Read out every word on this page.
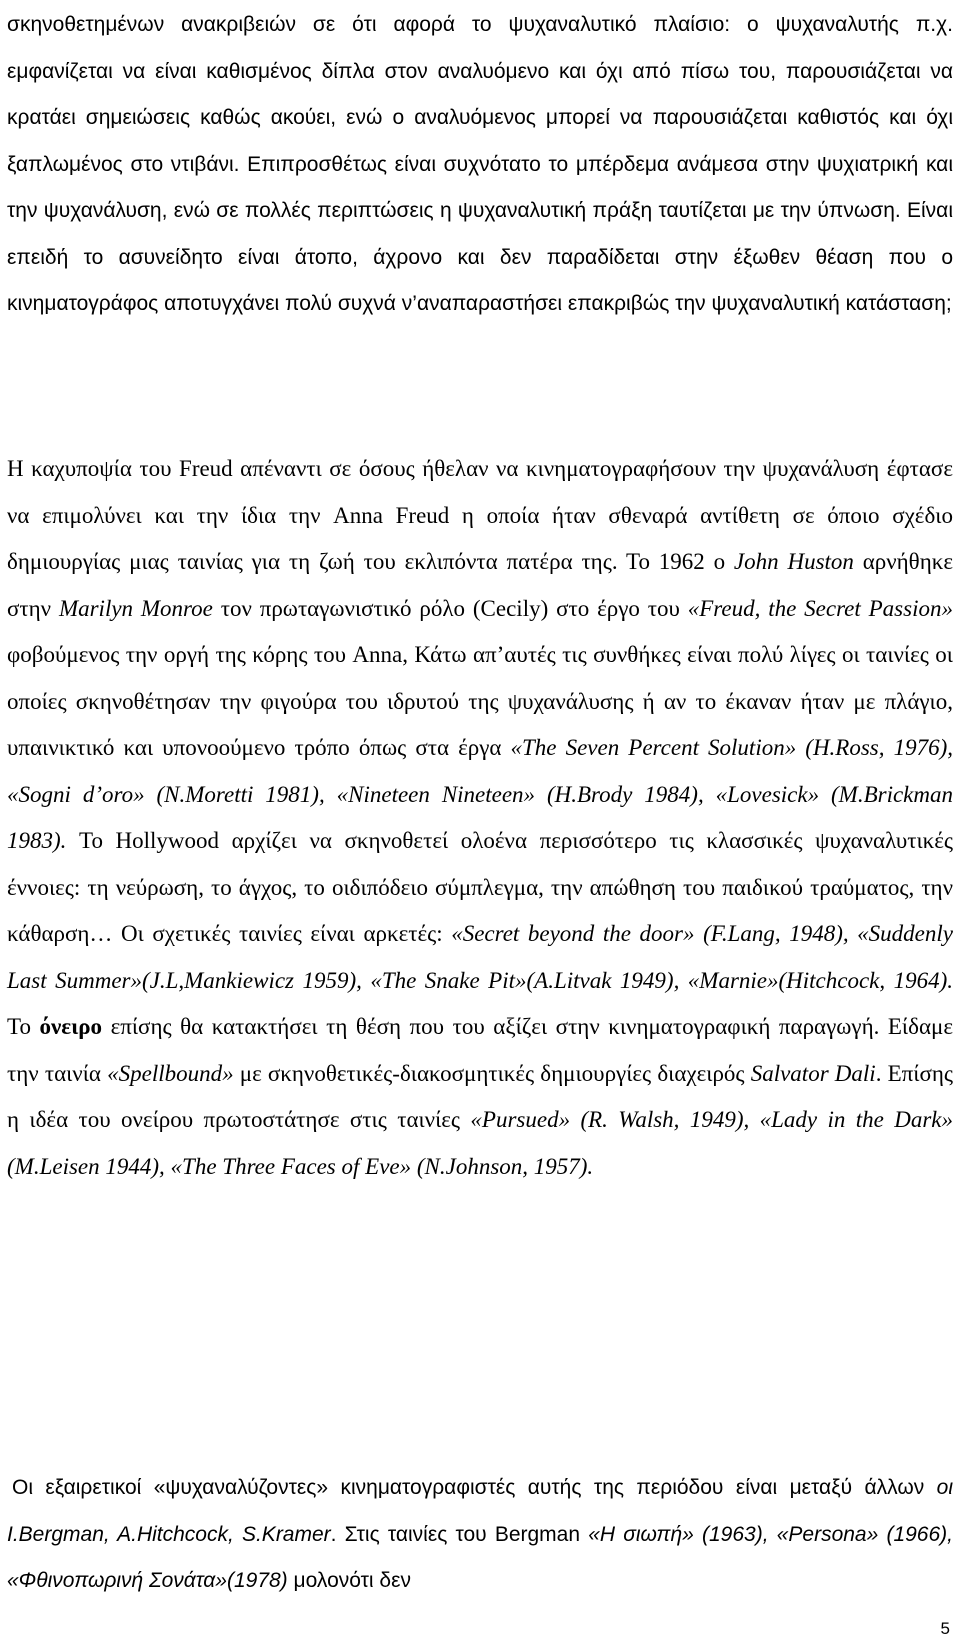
σκηνοθετημένων ανακριβειών σε ότι αφορά το ψυχαναλυτικό πλαίσιο: ο ψυχαναλυτής π.χ. εμφανίζεται να είναι καθισμένος δίπλα στον αναλυόμενο και όχι από πίσω του, παρουσιάζεται να κρατάει σημειώσεις καθώς ακούει, ενώ ο αναλυόμενος μπορεί να παρουσιάζεται καθιστός και όχι ξαπλωμένος στο ντιβάνι. Επιπροσθέτως είναι συχνότατο το μπέρδεμα ανάμεσα στην ψυχιατρική και την ψυχανάλυση, ενώ σε πολλές περιπτώσεις η ψυχαναλυτική πράξη ταυτίζεται με την ύπνωση. Είναι επειδή το ασυνείδητο είναι άτοπο, άχρονο και δεν παραδίδεται στην έξωθεν θέαση που ο κινηματογράφος αποτυγχάνει πολύ συχνά ν’αναπαραστήσει επακριβώς την ψυχαναλυτική κατάσταση;

Η καχυποψία του Freud απέναντι σε όσους ήθελαν να κινηματογραφήσουν την ψυχανάλυση έφτασε να επιμολύνει και την ίδια την Anna Freud η οποία ήταν σθεναρά αντίθετη σε όποιο σχέδιο δημιουργίας μιας ταινίας για τη ζωή του εκλιπόντα πατέρα της. Το 1962 ο John Huston αρνήθηκε στην Marilyn Monroe τον πρωταγωνιστικό ρόλο (Cecily) στο έργο του «Freud, the Secret Passion» φοβούμενος την οργή της κόρης του Anna, Κάτω απ’αυτές τις συνθήκες είναι πολύ λίγες οι ταινίες οι οποίες σκηνοθέτησαν την φιγούρα του ιδρυτού της ψυχανάλυσης ή αν το έκαναν ήταν με πλάγιο, υπαινικτικό και υπονοούμενο τρόπο όπως στα έργα «The Seven Percent Solution» (H.Ross, 1976), «Sogni d’oro» (N.Moretti 1981), «Nineteen Nineteen» (H.Brody 1984), «Lovesick» (M.Brickman 1983). Το Hollywood αρχίζει να σκηνοθετεί ολοένα περισσότερο τις κλασσικές ψυχαναλυτικές έννοιες: τη νεύρωση, το άγχος, το οιδιπόδειο σύμπλεγμα, την απώθηση του παιδικού τραύματος, την κάθαρση… Οι σχετικές ταινίες είναι αρκετές: «Secret beyond the door» (F.Lang, 1948), «Suddenly Last Summer»(J.L,Mankiewicz 1959), «The Snake Pit»(A.Litvak 1949), «Marnie»(Hitchcock, 1964). Το όνειρο επίσης θα κατακτήσει τη θέση που του αξίζει στην κινηματογραφική παραγωγή. Είδαμε την ταινία «Spellbound» με σκηνοθετικές-διακοσμητικές δημιουργίες διαχειρός Salvator Dali. Επίσης η ιδέα του ονείρου πρωτοστάτησε στις ταινίες «Pursued» (R. Walsh, 1949), «Lady in the Dark» (M.Leisen 1944), «The Three Faces of Eve» (N.Johnson, 1957).

Οι εξαιρετικοί «ψυχαναλύζοντες» κινηματογραφιστές αυτής της περιόδου είναι μεταξύ άλλων οι I.Bergman, A.Hitchcock, S.Kramer. Στις ταινίες του Bergman «Η σιωπή» (1963), «Persona» (1966), «Φθινοπωρινή Σονάτα»(1978) μολονότι δεν

5
